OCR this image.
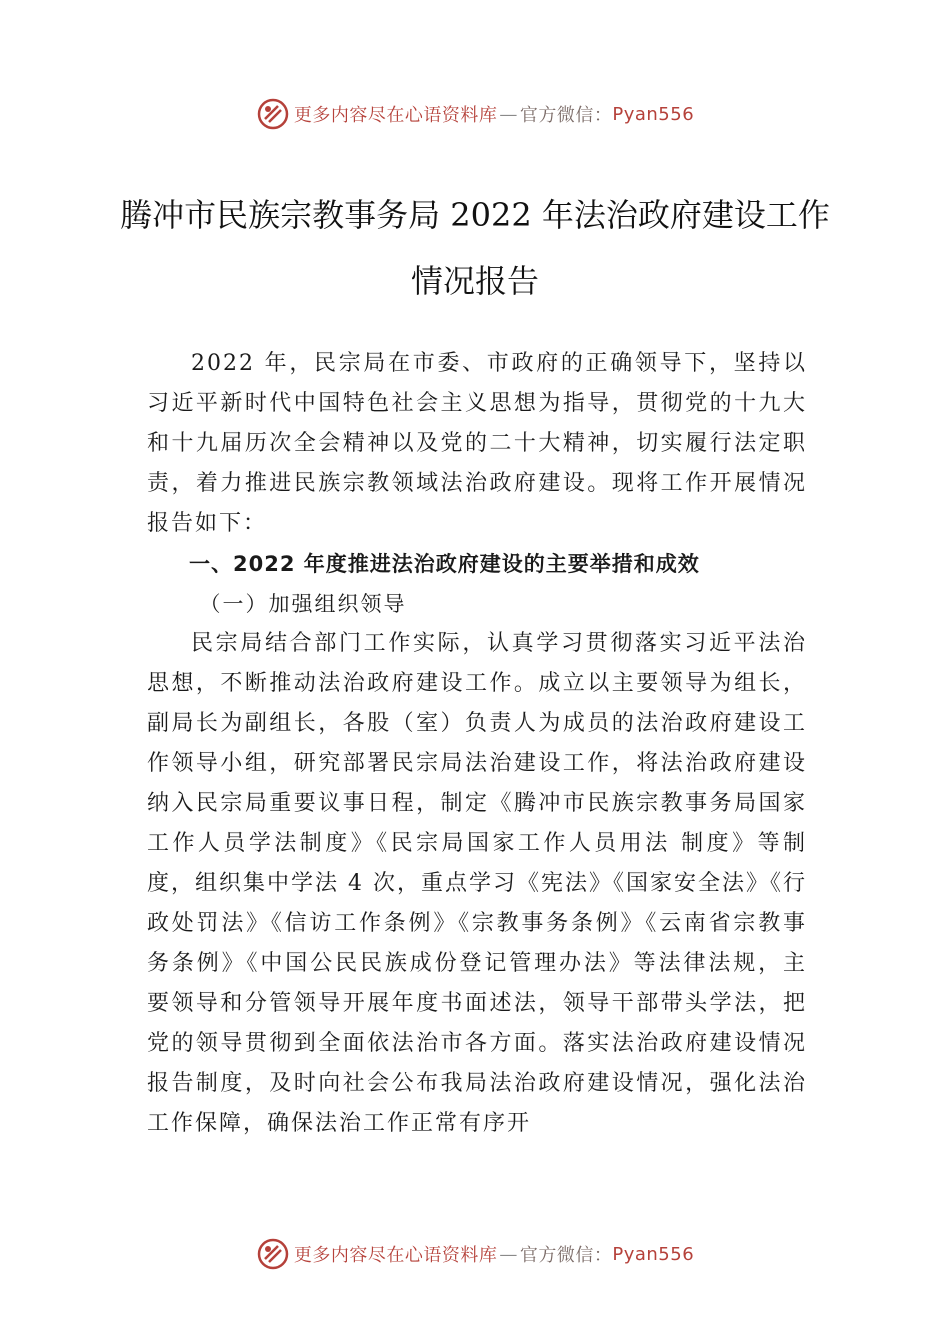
更多内容尽在心语资料库 — 官方微信： Pyan556
腾冲市民族宗教事务局 2022 年法治政府建设工作情况报告

2022 年，民宗局在市委、市政府的正确领导下，坚持以习近平新时代中国特色社会主义思想为指导，贯彻党的十九大和十九届历次全会精神以及党的二十大精神，切实履行法定职责，着力推进民族宗教领域法治政府建设。现将工作开展情况报告如下：

一、2022 年度推进法治政府建设的主要举措和成效
（一）加强组织领导

民宗局结合部门工作实际，认真学习贯彻落实习近平法治思想，不断推动法治政府建设工作。成立以主要领导为组长，副局长为副组长，各股（室）负责人为成员的法治政府建设工作领导小组，研究部署民宗局法治建设工作，将法治政府建设纳入民宗局重要议事日程，制定《腾冲市民族宗教事务局国家工作人员学法制度》《民宗局国家工作人员用法 制度》等制度，组织集中学法 4 次，重点学习《宪法》《国家安全法》《行政处罚法》《信访工作条例》《宗教事务条例》《云南省宗教事务条例》《中国公民民族成份登记管理办法》等法律法规，主要领导和分管领导开展年度书面述法，领导干部带头学法，把党的领导贯彻到全面依法治市各方面。落实法治政府建设情况报告制度，及时向社会公布我局法治政府建设情况，强化法治工作保障，确保法治工作正常有序开

更多内容尽在心语资料库 — 官方微信： Pyan556
